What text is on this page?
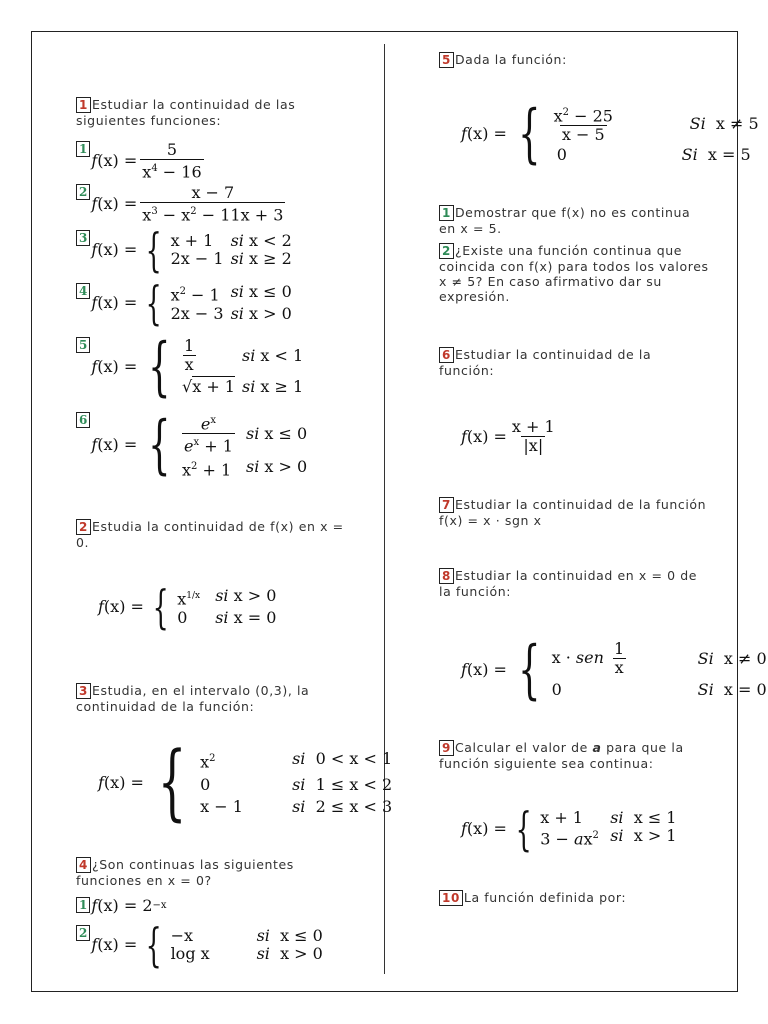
1 Estudiar la continuidad de las siguientes funciones:
1
f $(x) = \frac{5}{x^4 - 16}$
2
f $(x) = \frac{x - 7}{x^3 - x^2 - 11x + 3}$
3
f (x) = { x + 1	si x < 2
2x − 1 si x ≥ 2
4
f (x) = { $x^2 - 1$ si x ≤ 0
2x − 3 si x > 0
5
f (x) = { $\frac{1}{x}$	si x < 1
√x + 1 si x ≥ 1
6
f (x) = { $\frac{e^x}{e^x + 1}$ si x ≤ 0
$x^2 + 1$ si x > 0
2 Estudia la continuidad de f(x) en x = 0.
f (x) = { $x^{1/x}$ si x > 0
0	si x = 0
3 Estudia, en el intervalo (0,3), la continuidad de la función:
f (x) = { $x^2$	si 0 < x < 1
0	si 1 ≤ x < 2
x − 1	si 2 ≤ x < 3
4 ¿Son continuas las siguientes funciones en x = 0?
1 f (x) = 2 −x
2
f (x) = { −x	si x ≤ 0
log x	si x > 0
5 Dada la función:
f (x) = { $\frac{x^2 - 25}{x - 5}$	Si x ≠ 5
0	Si x = 5
1 Demostrar que f(x) no es continua en x = 5.
2 ¿Existe una función continua que coincida con f(x) para todos los valores x ≠ 5? En caso afirmativo dar su expresión.
6 Estudiar la continuidad de la función:
f $(x) = \frac{x + 1}{|x|}$
7 Estudiar la continuidad de la función f(x) = x · sgn x
8 Estudiar la continuidad en x = 0 de la función:
f (x) = { x · sen $\frac{1}{x}$	Si x ≠ 0
0	Si x = 0
9 Calcular el valor de a para que la función siguiente sea continua:
f (x) = { x + 1	si x ≤ 1
$3 - ax^2$ si x > 1
10 La función definida por:
